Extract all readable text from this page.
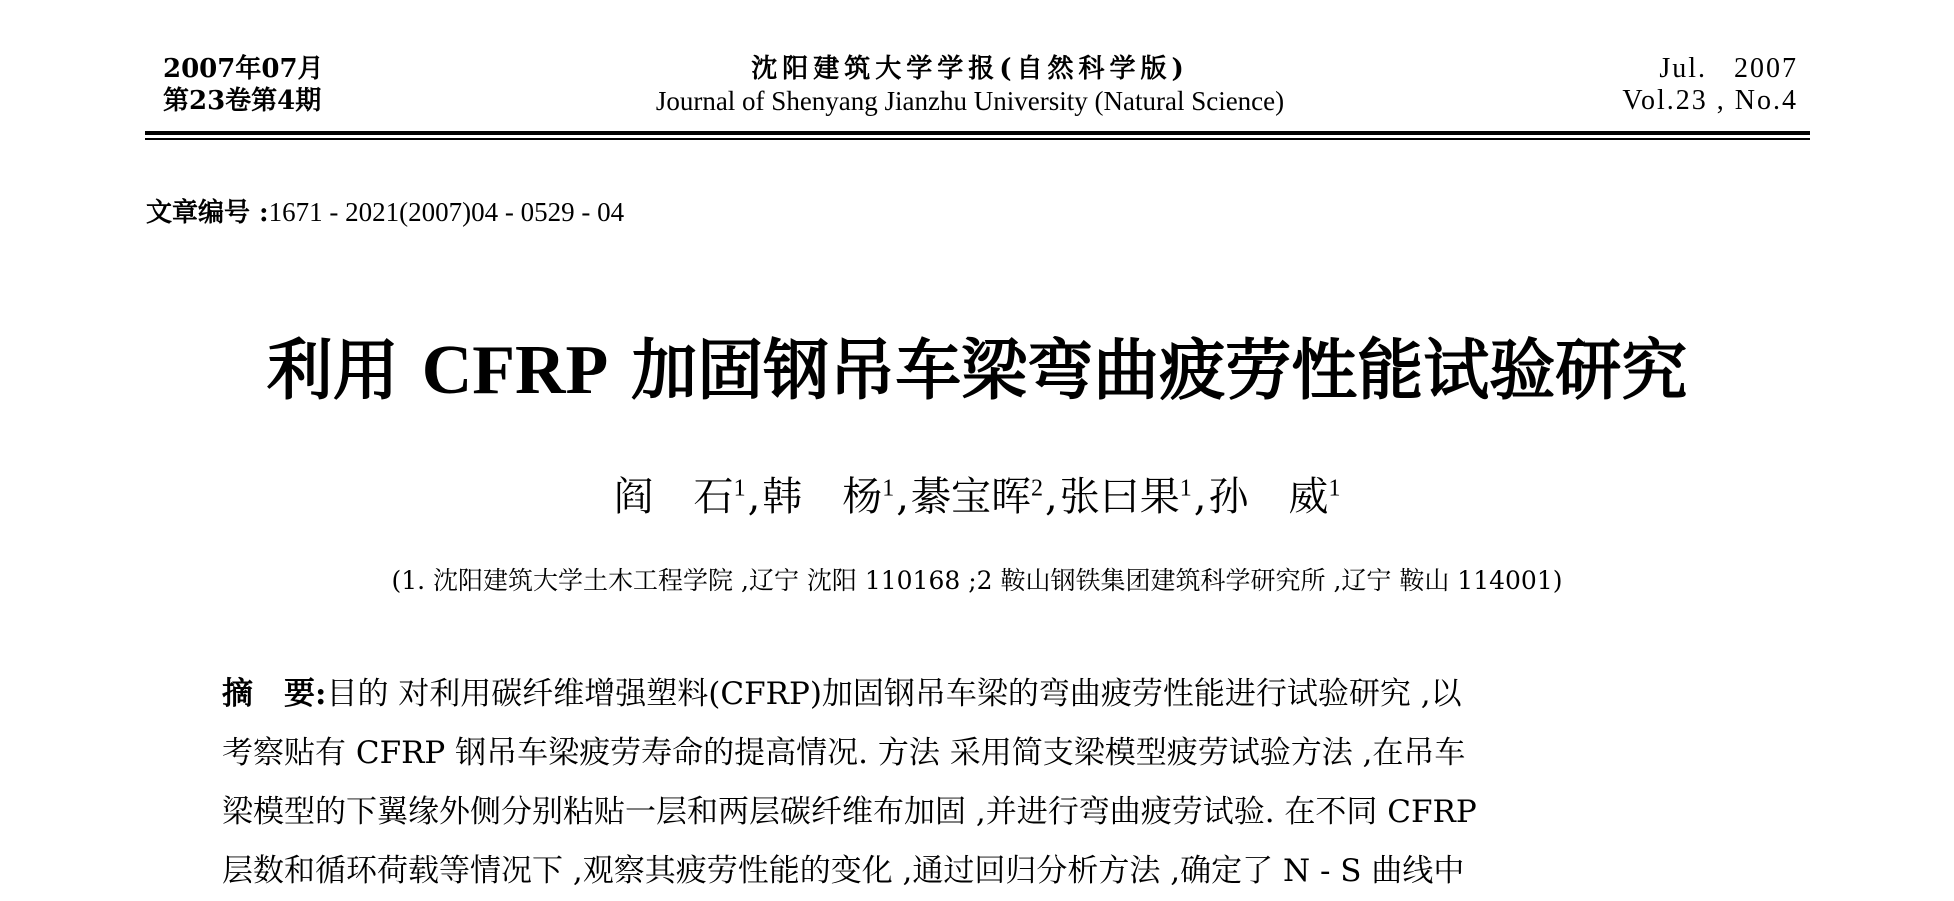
2007年07月
第23卷第4期
沈阳建筑大学学报(自然科学版)
Journal of Shenyang Jianzhu University (Natural Science)
Jul.   2007
Vol.23 , No.4
文章编号 :1671 - 2021(2007)04 - 0529 - 04
利用 CFRP 加固钢吊车梁弯曲疲劳性能试验研究
阎　石$^1$,韩　杨$^1$,綦宝晖$^2$,张曰果$^1$,孙　威$^1$
(1. 沈阳建筑大学土木工程学院 ,辽宁 沈阳 110168 ;2 鞍山钢铁集团建筑科学研究所 ,辽宁 鞍山 114001)
摘　要:目的 对利用碳纤维增强塑料(CFRP)加固钢吊车梁的弯曲疲劳性能进行试验研究 ,以
考察贴有 CFRP 钢吊车梁疲劳寿命的提高情况. 方法 采用简支梁模型疲劳试验方法 ,在吊车
梁模型的下翼缘外侧分别粘贴一层和两层碳纤维布加固 ,并进行弯曲疲劳试验. 在不同 CFRP
层数和循环荷载等情况下 ,观察其疲劳性能的变化 ,通过回归分析方法 ,确定了 N - S 曲线中
